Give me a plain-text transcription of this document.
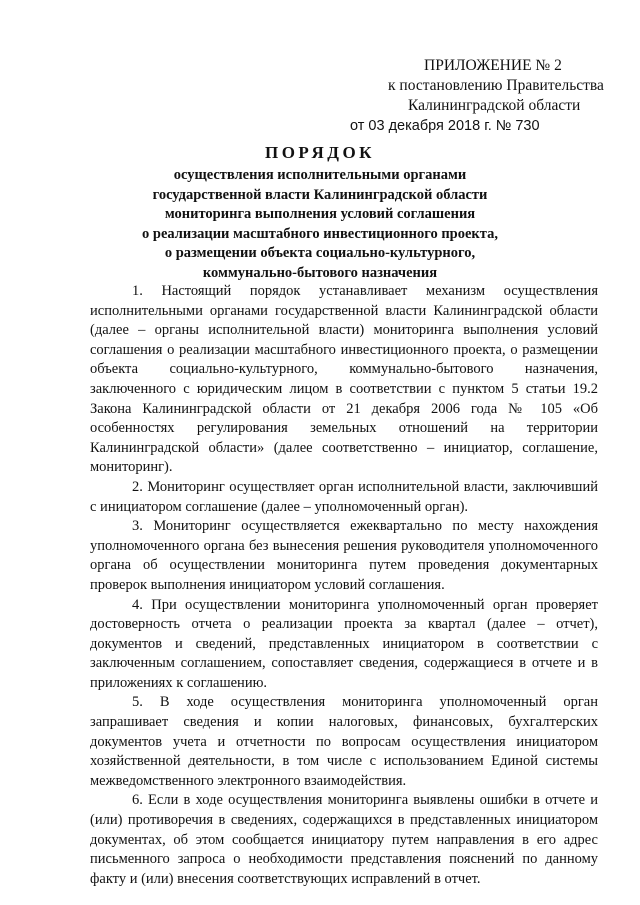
ПРИЛОЖЕНИЕ № 2
к постановлению Правительства
Калининградской области
от 03 декабря 2018 г. № 730
ПОРЯДОК
осуществления исполнительными органами
государственной власти Калининградской области
мониторинга выполнения условий соглашения
о реализации масштабного инвестиционного проекта,
о размещении объекта социально-культурного,
коммунально-бытового назначения

1. Настоящий порядок устанавливает механизм осуществления исполнительными органами государственной власти Калининградской области (далее – органы исполнительной власти) мониторинга выполнения условий соглашения о реализации масштабного инвестиционного проекта, о размещении объекта социально-культурного, коммунально-бытового назначения, заключенного с юридическим лицом в соответствии с пунктом 5 статьи 19.2 Закона Калининградской области от 21 декабря 2006 года № 105 «Об особенностях регулирования земельных отношений на территории Калининградской области» (далее соответственно – инициатор, соглашение, мониторинг).

2. Мониторинг осуществляет орган исполнительной власти, заключивший с инициатором соглашение (далее – уполномоченный орган).

3. Мониторинг осуществляется ежеквартально по месту нахождения уполномоченного органа без вынесения решения руководителя уполномоченного органа об осуществлении мониторинга путем проведения документарных проверок выполнения инициатором условий соглашения.

4. При осуществлении мониторинга уполномоченный орган проверяет достоверность отчета о реализации проекта за квартал (далее – отчет), документов и сведений, представленных инициатором в соответствии с заключенным соглашением, сопоставляет сведения, содержащиеся в отчете и в приложениях к соглашению.

5. В ходе осуществления мониторинга уполномоченный орган запрашивает сведения и копии налоговых, финансовых, бухгалтерских документов учета и отчетности по вопросам осуществления инициатором хозяйственной деятельности, в том числе с использованием Единой системы межведомственного электронного взаимодействия.

6. Если в ходе осуществления мониторинга выявлены ошибки в отчете и (или) противоречия в сведениях, содержащихся в представленных инициатором документах, об этом сообщается инициатору путем направления в его адрес письменного запроса о необходимости представления пояснений по данному факту и (или) внесения соответствующих исправлений в отчет.
